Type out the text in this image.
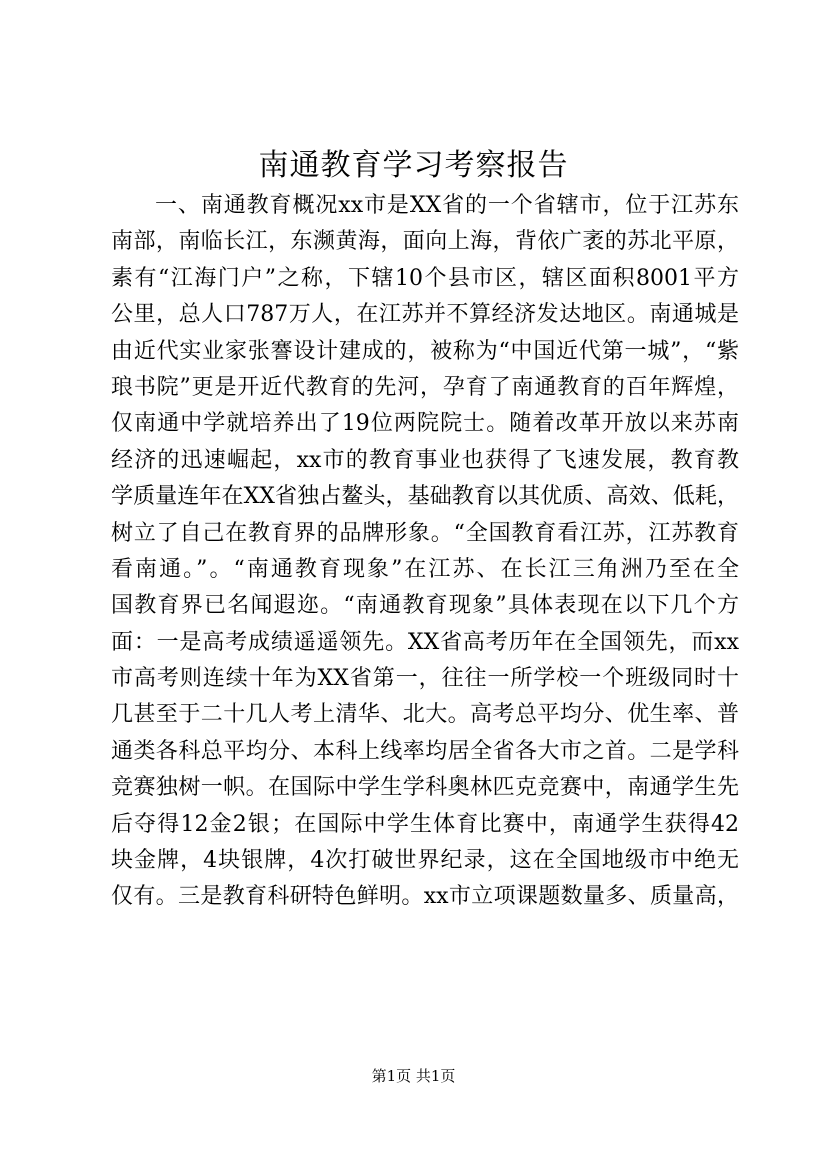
南通教育学习考察报告
一、南通教育概况xx市是XX省的一个省辖市，位于江苏东
南部，南临长江，东濒黄海，面向上海，背依广袤的苏北平原，
素有“江海门户”之称，下辖10个县市区，辖区面积8001平方
公里，总人口787万人，在江苏并不算经济发达地区。南通城是
由近代实业家张謇设计建成的，被称为“中国近代第一城”，“紫
琅书院”更是开近代教育的先河，孕育了南通教育的百年辉煌，
仅南通中学就培养出了19位两院院士。随着改革开放以来苏南
经济的迅速崛起，xx市的教育事业也获得了飞速发展，教育教
学质量连年在XX省独占鳌头，基础教育以其优质、高效、低耗，
树立了自己在教育界的品牌形象。“全国教育看江苏，江苏教育
看南通。”。“南通教育现象”在江苏、在长江三角洲乃至在全
国教育界已名闻遐迩。“南通教育现象”具体表现在以下几个方
面：一是高考成绩遥遥领先。XX省高考历年在全国领先，而xx
市高考则连续十年为XX省第一，往往一所学校一个班级同时十
几甚至于二十几人考上清华、北大。高考总平均分、优生率、普
通类各科总平均分、本科上线率均居全省各大市之首。二是学科
竞赛独树一帜。在国际中学生学科奥林匹克竞赛中，南通学生先
后夺得12金2银；在国际中学生体育比赛中，南通学生获得42
块金牌，4块银牌，4次打破世界纪录，这在全国地级市中绝无
仅有。三是教育科研特色鲜明。xx市立项课题数量多、质量高，
第1页 共1页
